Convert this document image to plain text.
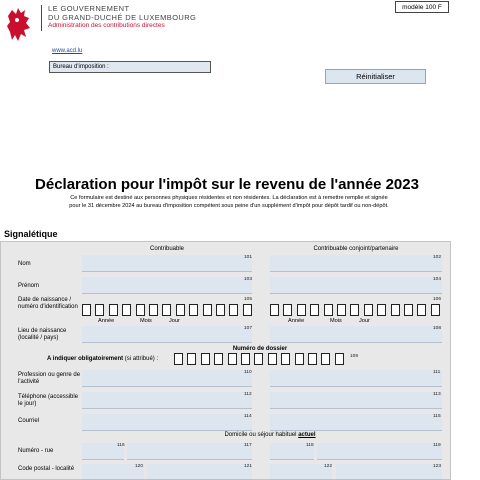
LE GOUVERNEMENT
DU GRAND-DUCHÉ DE LUXEMBOURG
Administration des contributions directes
modèle 100 F
www.acd.lu
Bureau d'imposition :
Réinitialiser
Déclaration pour l'impôt sur le revenu de l'année 2023
Ce formulaire est destiné aux personnes physiques résidentes et non résidentes. La déclaration est à remettre remplie et signée
pour le 31 décembre 2024 au bureau d'imposition compétent sous peine d'un supplément d'impôt pour dépôt tardif ou non-dépôt.
Signalétique
Contribuable	Contribuable conjoint/partenaire
Nom
101	102
Prénom
103	104
Date de naissance / numéro d'identification
105	106
Année	Mois	Jour	Année	Mois	Jour
Lieu de naissance (localité / pays)
107	108
Numéro de dossier
A indiquer obligatoirement (si attribué) :	109
Profession ou genre de l'activité
110	111
Téléphone (accessible le jour)
112	113
Courriel
114	115
Domicile ou séjour habituel actuel
Numéro - rue
116	117	118	119
Code postal - localité	120	121	122	123
